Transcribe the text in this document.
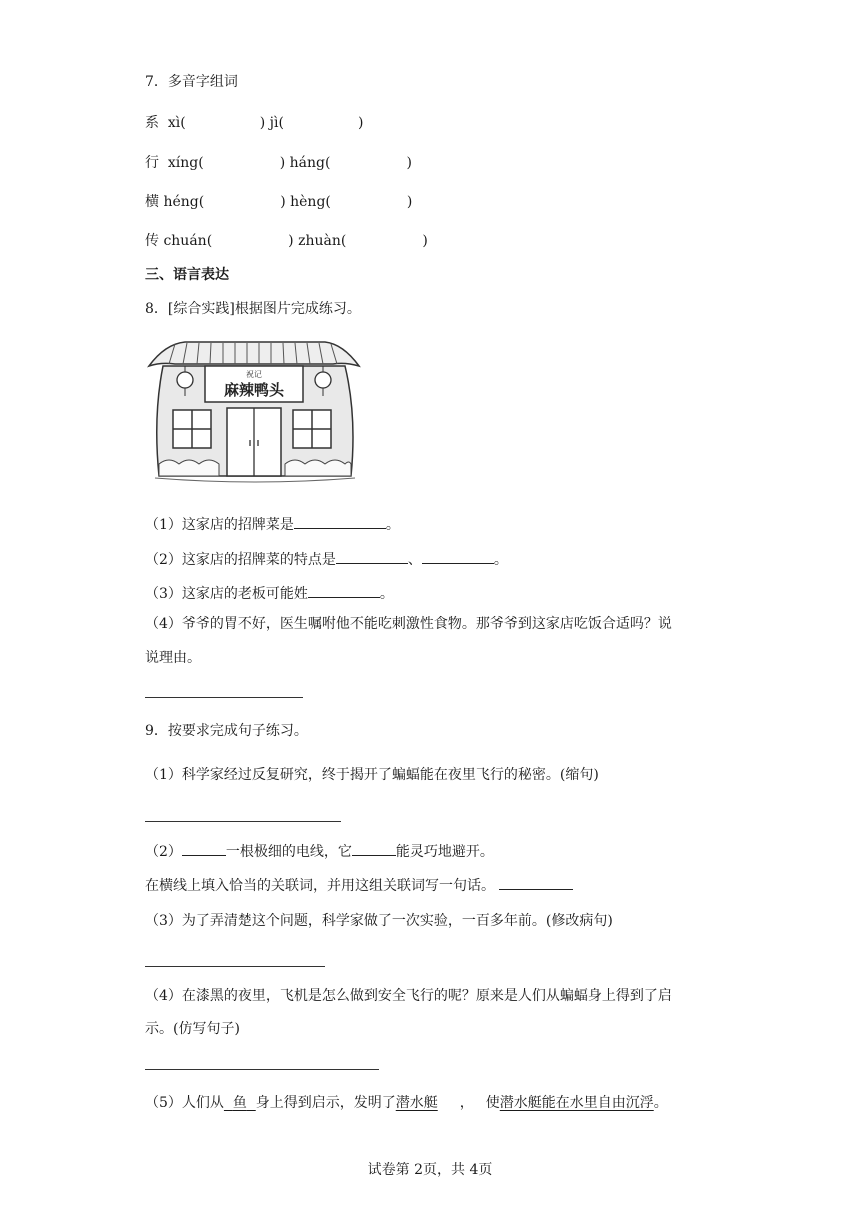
7．多音字组词
系 xì(	) jì(	)
行 xíng(	) háng(	)
横 héng(	) hèng(	)
传 chuán(	) zhuàn(	)
三、语言表达
8．[综合实践]根据图片完成练习。
祝记
麻辣鸭头
（1）这家店的招牌菜是	。
（2）这家店的招牌菜的特点是	、	。
（3）这家店的老板可能姓	。
（4）爷爷的胃不好，医生嘱咐他不能吃刺激性食物。那爷爷到这家店吃饭合适吗？说
说理由。
9．按要求完成句子练习。
（1）科学家经过反复研究，终于揭开了蝙蝠能在夜里飞行的秘密。(缩句)
（2）	一根极细的电线，它	能灵巧地避开。
在横线上填入恰当的关联词，并用这组关联词写一句话。
（3）为了弄清楚这个问题，科学家做了一次实验，一百多年前。(修改病句)
（4）在漆黑的夜里，飞机是怎么做到安全飞行的呢？原来是人们从蝙蝠身上得到了启
示。(仿写句子)
（5）人们从 鱼 身上得到启示，发明了潜水艇 ， 使潜水艇能在水里自由沉浮。
试卷第 2页，共 4页
